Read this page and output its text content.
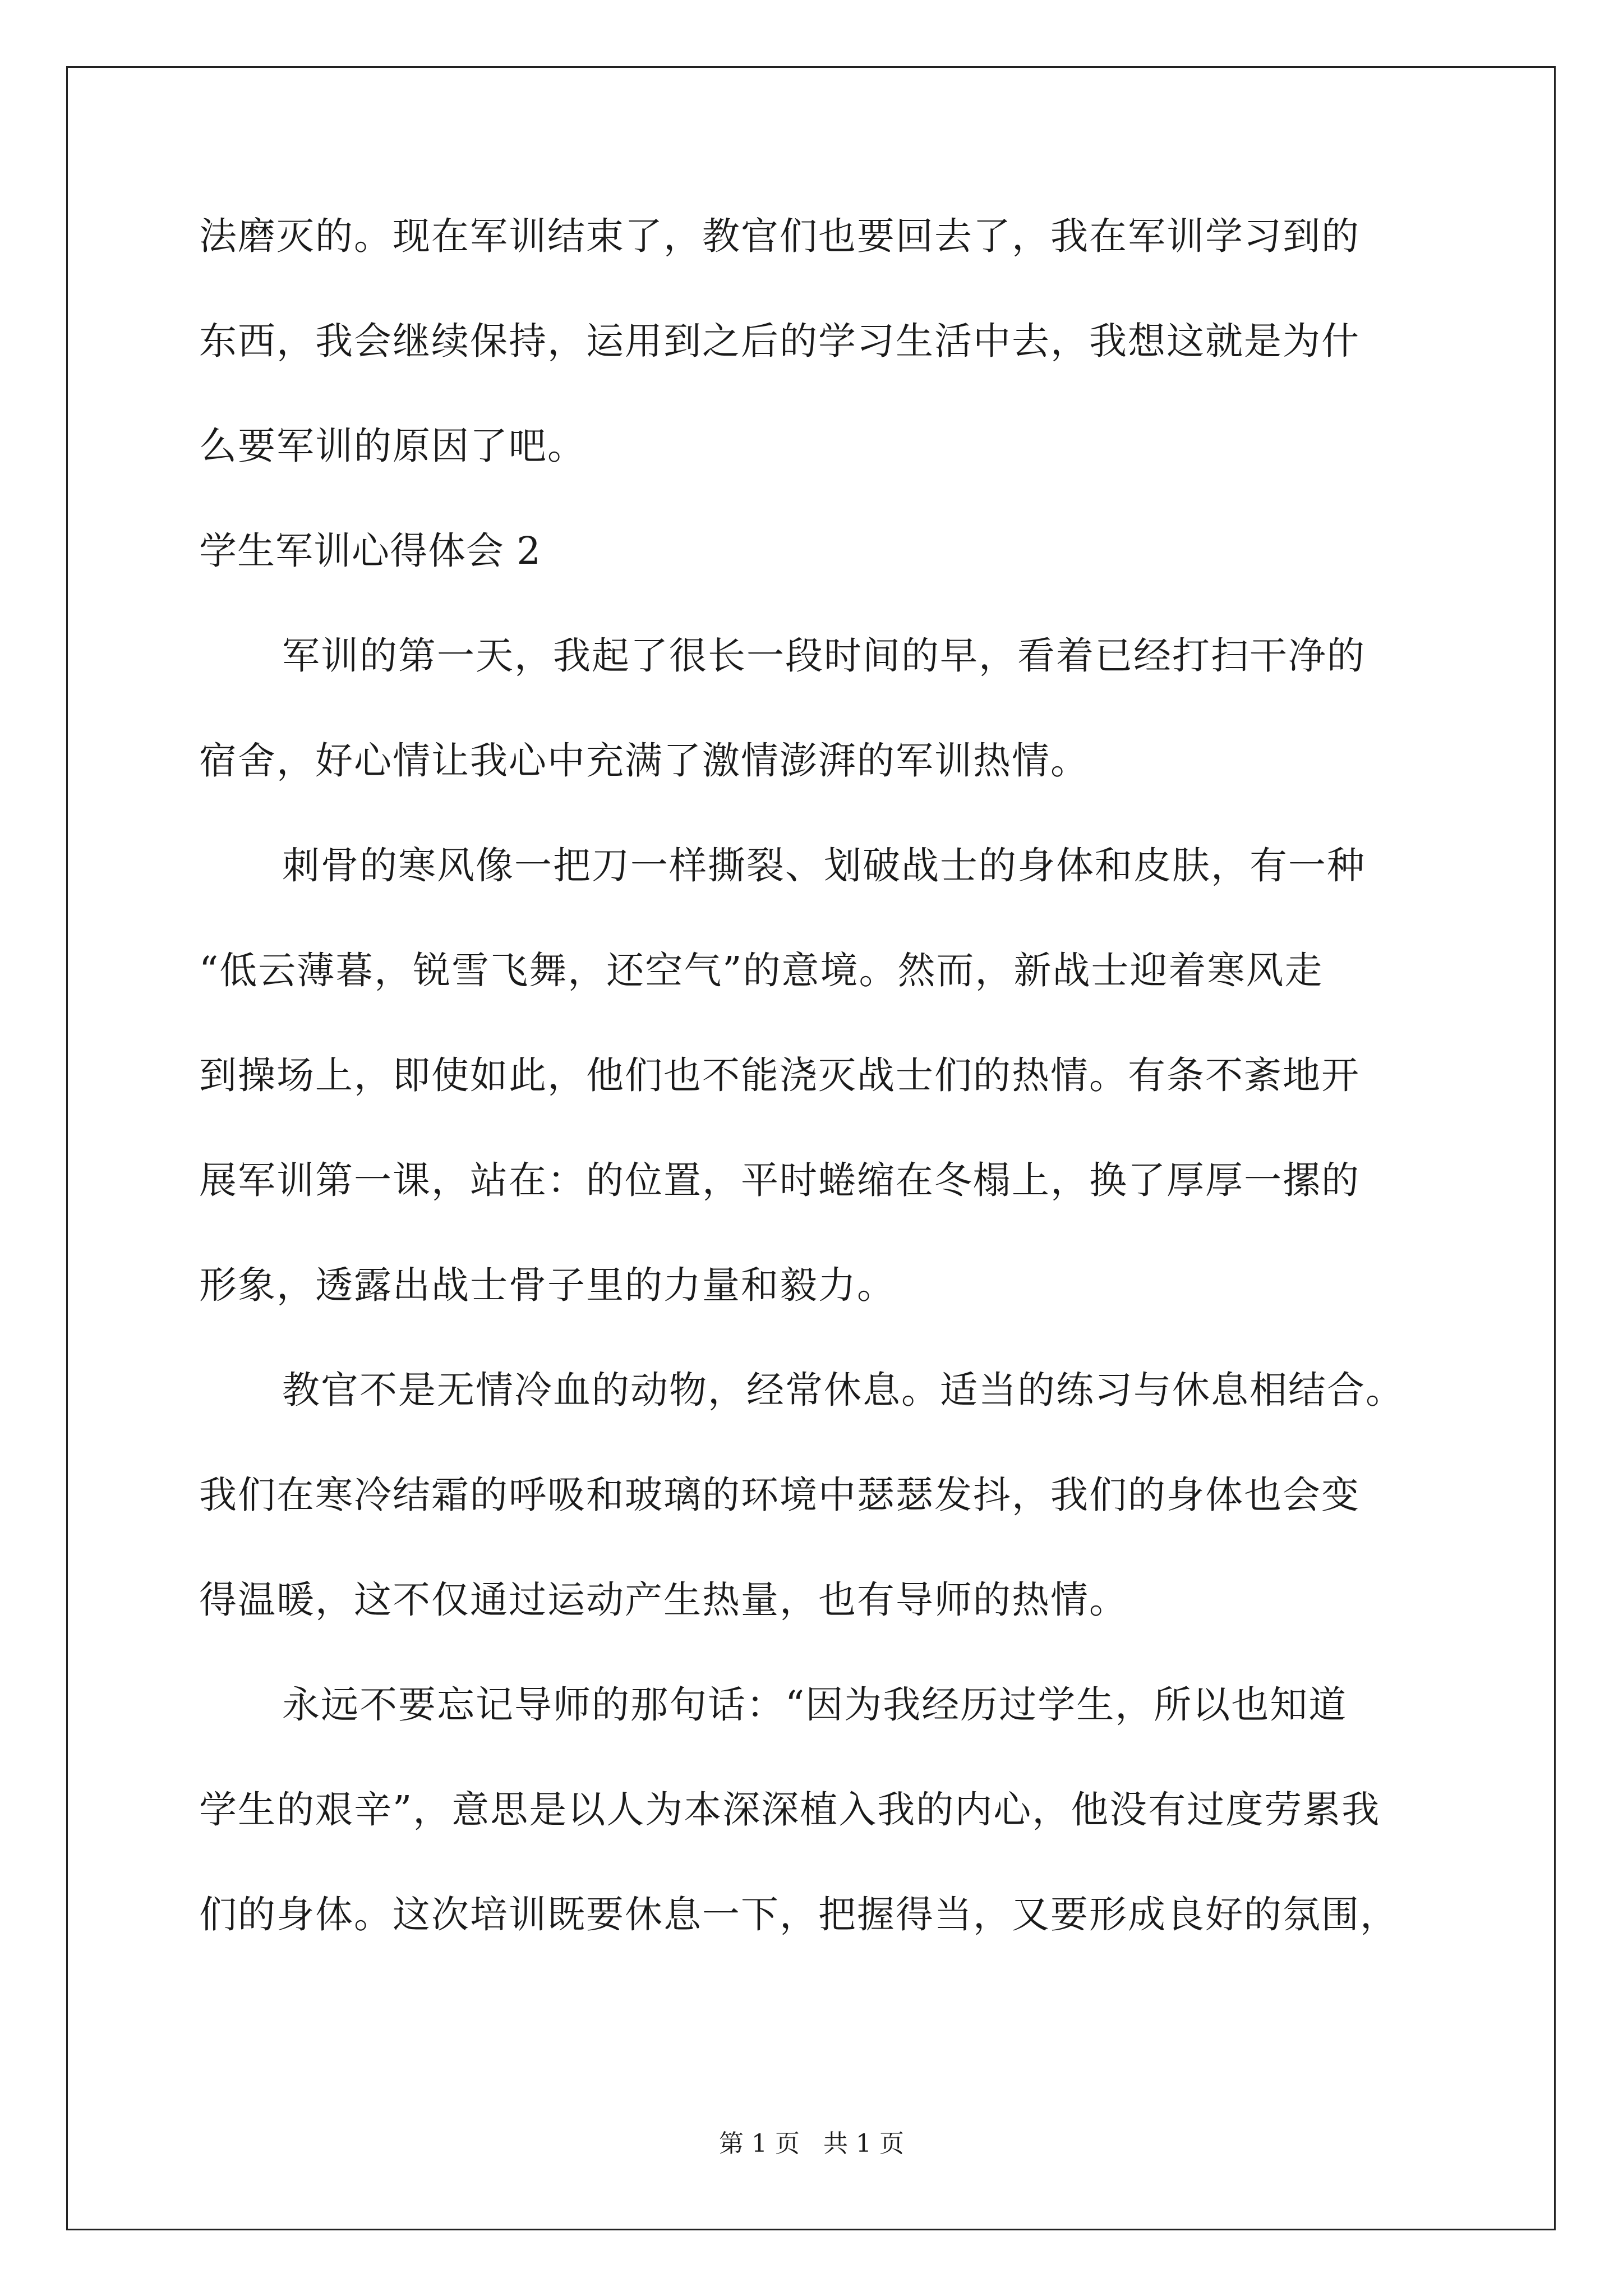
法磨灭的。现在军训结束了，教官们也要回去了，我在军训学习到的
东西，我会继续保持，运用到之后的学习生活中去，我想这就是为什
么要军训的原因了吧。
学生军训心得体会 2
军训的第一天，我起了很长一段时间的早，看着已经打扫干净的
宿舍，好心情让我心中充满了激情澎湃的军训热情。
刺骨的寒风像一把刀一样撕裂、划破战士的身体和皮肤，有一种
“低云薄暮，锐雪飞舞，还空气”的意境。然而，新战士迎着寒风走
到操场上，即使如此，他们也不能浇灭战士们的热情。有条不紊地开
展军训第一课，站在：的位置，平时蜷缩在冬榻上，换了厚厚一摞的
形象，透露出战士骨子里的力量和毅力。
教官不是无情冷血的动物，经常休息。适当的练习与休息相结合。
我们在寒冷结霜的呼吸和玻璃的环境中瑟瑟发抖，我们的身体也会变
得温暖，这不仅通过运动产生热量，也有导师的热情。
永远不要忘记导师的那句话：“因为我经历过学生，所以也知道
学生的艰辛”，意思是以人为本深深植入我的内心，他没有过度劳累我
们的身体。这次培训既要休息一下，把握得当，又要形成良好的氛围，
第 1 页   共 1 页
